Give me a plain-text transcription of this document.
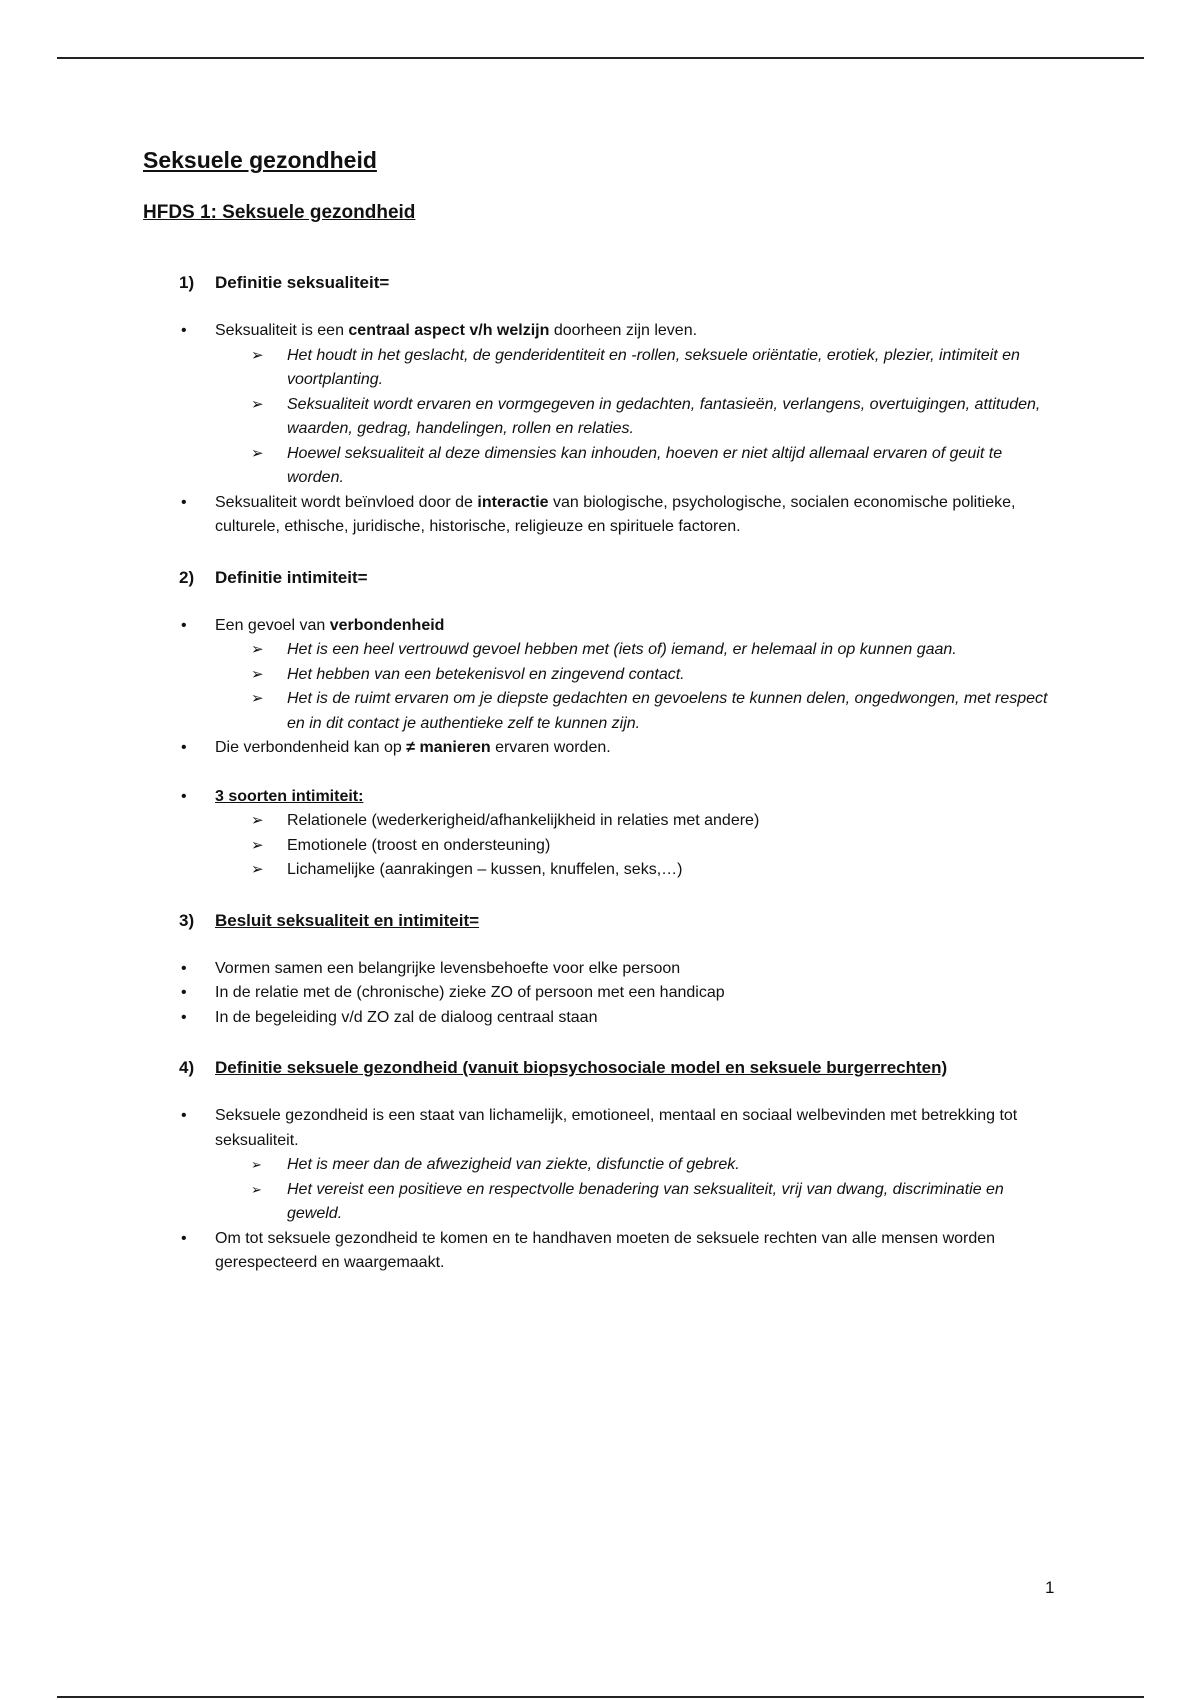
Seksuele gezondheid
HFDS 1: Seksuele gezondheid
1)	Definitie seksualiteit=
• Seksualiteit is een centraal aspect v/h welzijn doorheen zijn leven.
➢ Het houdt in het geslacht, de genderidentiteit en -rollen, seksuele oriëntatie, erotiek, plezier, intimiteit en voortplanting.
➢ Seksualiteit wordt ervaren en vormgegeven in gedachten, fantasieën, verlangens, overtuigingen, attituden, waarden, gedrag, handelingen, rollen en relaties.
➢ Hoewel seksualiteit al deze dimensies kan inhouden, hoeven er niet altijd allemaal ervaren of geuit te worden.
• Seksualiteit wordt beïnvloed door de interactie van biologische, psychologische, socialen economische politieke, culturele, ethische, juridische, historische, religieuze en spirituele factoren.
2)	Definitie intimiteit=
• Een gevoel van verbondenheid
➢ Het is een heel vertrouwd gevoel hebben met (iets of) iemand, er helemaal in op kunnen gaan.
➢ Het hebben van een betekenisvol en zingevend contact.
➢ Het is de ruimt ervaren om je diepste gedachten en gevoelens te kunnen delen, ongedwongen, met respect en in dit contact je authentieke zelf te kunnen zijn.
• Die verbondenheid kan op ≠ manieren ervaren worden.
• 3 soorten intimiteit:
➢ Relationele (wederkerigheid/afhankelijkheid in relaties met andere)
➢ Emotionele (troost en ondersteuning)
➢ Lichamelijke (aanrakingen – kussen, knuffelen, seks,…)
3)	Besluit seksualiteit en intimiteit=
• Vormen samen een belangrijke levensbehoefte voor elke persoon
• In de relatie met de (chronische) zieke ZO of persoon met een handicap
• In de begeleiding v/d ZO zal de dialoog centraal staan
4)	Definitie seksuele gezondheid (vanuit biopsychosociale model en seksuele burgerrechten)
• Seksuele gezondheid is een staat van lichamelijk, emotioneel, mentaal en sociaal welbevinden met betrekking tot seksualiteit.
➢ Het is meer dan de afwezigheid van ziekte, disfunctie of gebrek.
➢ Het vereist een positieve en respectvolle benadering van seksualiteit, vrij van dwang, discriminatie en geweld.
• Om tot seksuele gezondheid te komen en te handhaven moeten de seksuele rechten van alle mensen worden gerespecteerd en waargemaakt.
1
